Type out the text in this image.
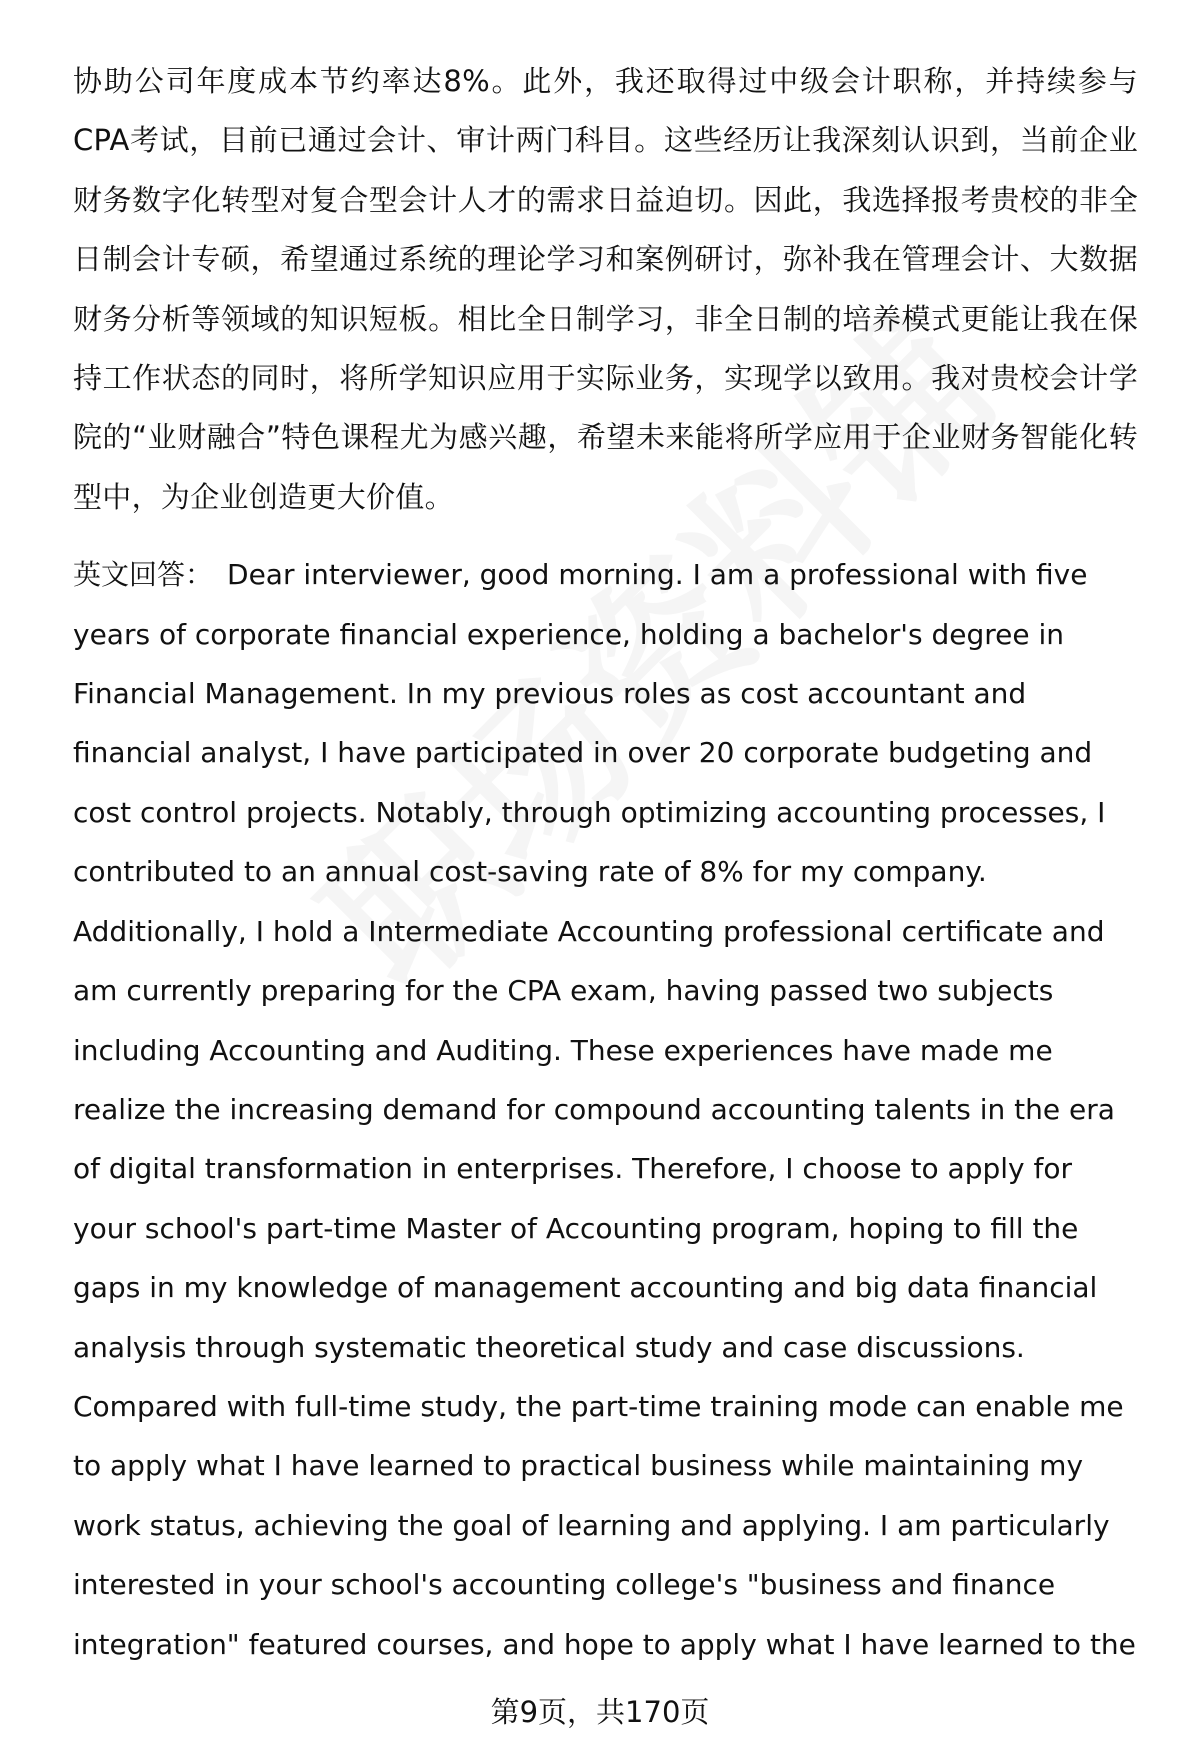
协助公司年度成本节约率达8%。此外，我还取得过中级会计职称，并持续参与CPA考试，目前已通过会计、审计两门科目。这些经历让我深刻认识到，当前企业财务数字化转型对复合型会计人才的需求日益迫切。因此，我选择报考贵校的非全日制会计专硕，希望通过系统的理论学习和案例研讨，弥补我在管理会计、大数据财务分析等领域的知识短板。相比全日制学习，非全日制的培养模式更能让我在保持工作状态的同时，将所学知识应用于实际业务，实现学以致用。我对贵校会计学院的“业财融合”特色课程尤为感兴趣，希望未来能将所学应用于企业财务智能化转型中，为企业创造更大价值。

英文回答： Dear interviewer, good morning. I am a professional with five years of corporate financial experience, holding a bachelor's degree in Financial Management. In my previous roles as cost accountant and financial analyst, I have participated in over 20 corporate budgeting and cost control projects. Notably, through optimizing accounting processes, I contributed to an annual cost-saving rate of 8% for my company. Additionally, I hold a Intermediate Accounting professional certificate and am currently preparing for the CPA exam, having passed two subjects including Accounting and Auditing. These experiences have made me realize the increasing demand for compound accounting talents in the era of digital transformation in enterprises. Therefore, I choose to apply for your school's part-time Master of Accounting program, hoping to fill the gaps in my knowledge of management accounting and big data financial analysis through systematic theoretical study and case discussions. Compared with full-time study, the part-time training mode can enable me to apply what I have learned to practical business while maintaining my work status, achieving the goal of learning and applying. I am particularly interested in your school's accounting college's "business and finance integration" featured courses, and hope to apply what I have learned to the

第9页，共170页
